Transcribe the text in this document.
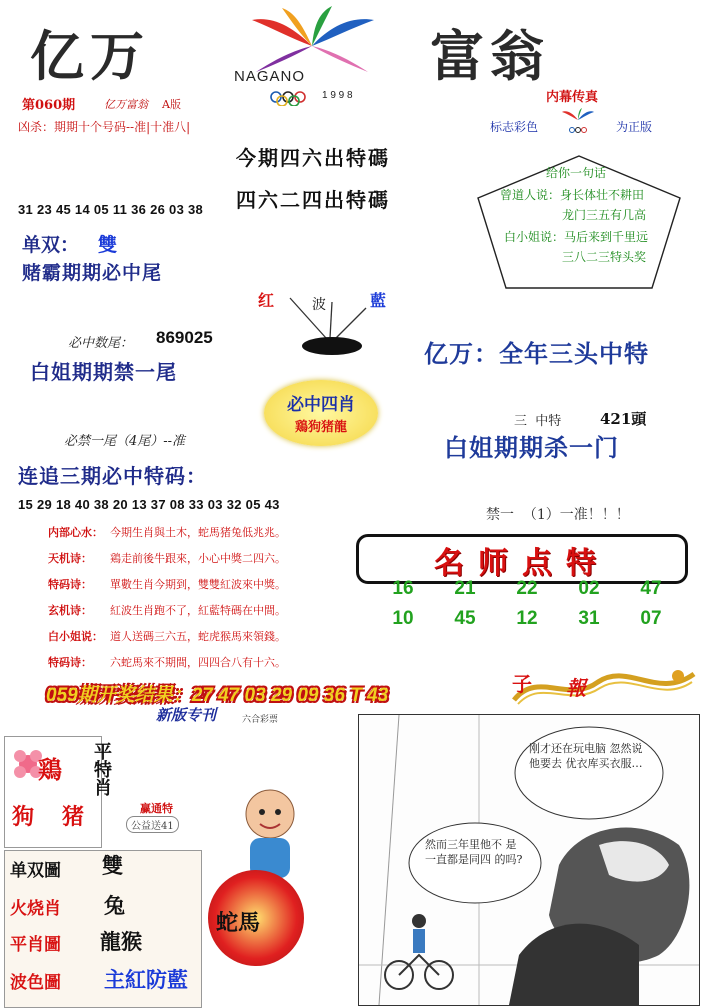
亿万	富翁
NAGANO
1 9 9 8
第060期	亿万富翁 A版
凶杀：期期十个号码--准|十准八|
今期四六出特碼
四六二四出特碼
内幕传真
标志彩色	为正版
给你一句话
曾道人说：身长体壮不耕田
龙门三五有几高
白小姐说：马后来到千里远
三八二三特头奖
31 23 45 14 05 11 36 26 03 38
单双： 雙
赌霸期期必中尾
红	波	藍
必中数尾： 869025
白姐期期禁一尾
亿万：全年三头中特
必中四肖
鶏狗猪龍	三  中特	421頭
白姐期期杀一门
必禁一尾（4尾）--准
连追三期必中特码：
15 29 18 40 38 20 13 37 08 33 03 32 05 43
禁一  （1）一准！！！
内部心水： 今期生肖與土木，蛇馬猪兔低兆兆。
天机诗： 鶏走前後牛跟來，小心中獎二四六。
特码诗： 單數生肖今期到，雙雙紅波來中獎。
玄机诗： 紅波生肖跑不了，紅藍特碼在中間。
白小姐说： 道人送碼三六五，蛇虎猴馬來領錢。
特码诗： 六蛇馬來不期間，四四合八有十六。
名师点特
16	21	22	02	47
10	45	12	31	07
059期开奖结果：27 47 03 29 09 36 T 43	子 報
新版专刊	六合彩票
鶏
狗 猪
平特肖
赢通特
公益送41
单双圖 雙
火烧肖 兔
平肖圖 龍猴
波色圖 主紅防藍
蛇馬
刚才还在玩电脑 忽然说他要去 优衣库买衣服…
然而三年里他不 是一直都是同四 的吗?
